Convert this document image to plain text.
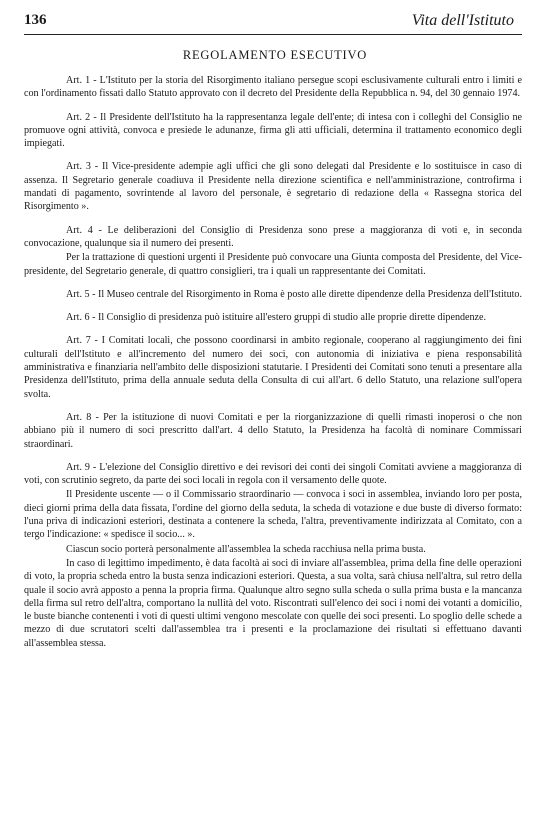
136	Vita dell'Istituto
REGOLAMENTO ESECUTIVO

Art. 1 - L'Istituto per la storia del Risorgimento italiano persegue scopi esclusivamente culturali entro i limiti e con l'ordinamento fissati dallo Statuto approvato con il decreto del Presidente della Repubblica n. 94, del 30 gennaio 1974.

Art. 2 - Il Presidente dell'Istituto ha la rappresentanza legale dell'ente; di intesa con i colleghi del Consiglio ne promuove ogni attività, convoca e presiede le adunanze, firma gli atti ufficiali, determina il trattamento economico degli impiegati.

Art. 3 - Il Vice-presidente adempie agli uffici che gli sono delegati dal Presidente e lo sostituisce in caso di assenza. Il Segretario generale coadiuva il Presidente nella direzione scientifica e nell'amministrazione, controfirma i mandati di pagamento, sovrintende al lavoro del personale, è segretario di redazione della « Rassegna storica del Risorgimento ».

Art. 4 - Le deliberazioni del Consiglio di Presidenza sono prese a maggioranza di voti e, in seconda convocazione, qualunque sia il numero dei presenti.

Per la trattazione di questioni urgenti il Presidente può convocare una Giunta composta del Presidente, del Vice-presidente, del Segretario generale, di quattro consiglieri, tra i quali un rappresentante dei Comitati.

Art. 5 - Il Museo centrale del Risorgimento in Roma è posto alle dirette dipendenze della Presidenza dell'Istituto.

Art. 6 - Il Consiglio di presidenza può istituire all'estero gruppi di studio alle proprie dirette dipendenze.

Art. 7 - I Comitati locali, che possono coordinarsi in ambito regionale, cooperano al raggiungimento dei fini culturali dell'Istituto e all'incremento del numero dei soci, con autonomia di iniziativa e piena responsabilità amministrativa e finanziaria nell'ambito delle disposizioni statutarie. I Presidenti dei Comitati sono tenuti a presentare alla Presidenza dell'Istituto, prima della annuale seduta della Consulta di cui all'art. 6 dello Statuto, una relazione sull'opera svolta.

Art. 8 - Per la istituzione di nuovi Comitati e per la riorganizzazione di quelli rimasti inoperosi o che non abbiano più il numero di soci prescritto dall'art. 4 dello Statuto, la Presidenza ha facoltà di nominare Commissari straordinari.

Art. 9 - L'elezione del Consiglio direttivo e dei revisori dei conti dei singoli Comitati avviene a maggioranza di voti, con scrutinio segreto, da parte dei soci locali in regola con il versamento delle quote.

Il Presidente uscente — o il Commissario straordinario — convoca i soci in assemblea, inviando loro per posta, dieci giorni prima della data fissata, l'ordine del giorno della seduta, la scheda di votazione e due buste di diverso formato: l'una priva di indicazioni esteriori, destinata a contenere la scheda, l'altra, preventivamente indirizzata al Comitato, con a tergo l'indicazione: « spedisce il socio... ».

Ciascun socio porterà personalmente all'assemblea la scheda racchiusa nella prima busta.

In caso di legittimo impedimento, è data facoltà ai soci di inviare all'assemblea, prima della fine delle operazioni di voto, la propria scheda entro la busta senza indicazioni esteriori. Questa, a sua volta, sarà chiusa nell'altra, sul retro della quale il socio avrà apposto a penna la propria firma. Qualunque altro segno sulla scheda o sulla prima busta e la mancanza della firma sul retro dell'altra, comportano la nullità del voto. Riscontrati sull'elenco dei soci i nomi dei votanti a domicilio, le buste bianche contenenti i voti di questi ultimi vengono mescolate con quelle dei soci presenti. Lo spoglio delle schede a mezzo di due scrutatori scelti dall'assemblea tra i presenti e la proclamazione dei risultati si effettuano davanti all'assemblea stessa.
